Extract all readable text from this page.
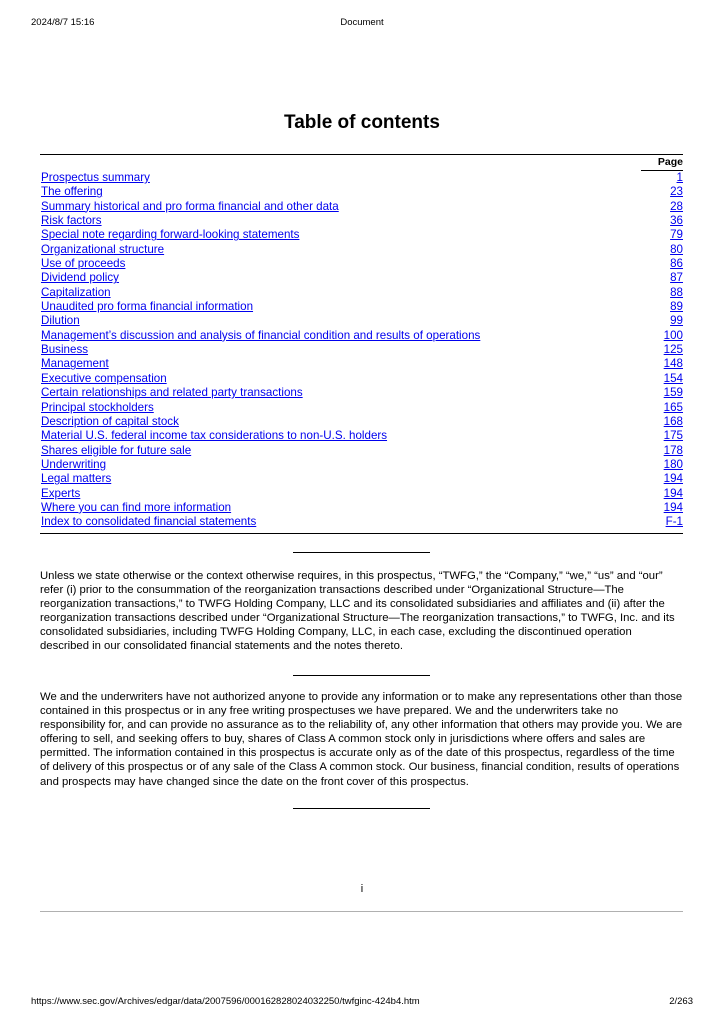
2024/8/7 15:16	Document
Table of contents
Page
Prospectus summary	1
The offering	23
Summary historical and pro forma financial and other data	28
Risk factors	36
Special note regarding forward-looking statements	79
Organizational structure	80
Use of proceeds	86
Dividend policy	87
Capitalization	88
Unaudited pro forma financial information	89
Dilution	99
Management’s discussion and analysis of financial condition and results of operations	100
Business	125
Management	148
Executive compensation	154
Certain relationships and related party transactions	159
Principal stockholders	165
Description of capital stock	168
Material U.S. federal income tax considerations to non-U.S. holders	175
Shares eligible for future sale	178
Underwriting	180
Legal matters	194
Experts	194
Where you can find more information	194
Index to consolidated financial statements	F-1

Unless we state otherwise or the context otherwise requires, in this prospectus, “TWFG,” the “Company,” “we,” “us” and “our” refer (i) prior to the consummation of the reorganization transactions described under “Organizational Structure—The reorganization transactions,” to TWFG Holding Company, LLC and its consolidated subsidiaries and affiliates and (ii) after the reorganization transactions described under “Organizational Structure—The reorganization transactions,” to TWFG, Inc. and its consolidated subsidiaries, including TWFG Holding Company, LLC, in each case, excluding the discontinued operation described in our consolidated financial statements and the notes thereto.

We and the underwriters have not authorized anyone to provide any information or to make any representations other than those contained in this prospectus or in any free writing prospectuses we have prepared. We and the underwriters take no responsibility for, and can provide no assurance as to the reliability of, any other information that others may provide you. We are offering to sell, and seeking offers to buy, shares of Class A common stock only in jurisdictions where offers and sales are permitted. The information contained in this prospectus is accurate only as of the date of this prospectus, regardless of the time of delivery of this prospectus or of any sale of the Class A common stock. Our business, financial condition, results of operations and prospects may have changed since the date on the front cover of this prospectus.

i
https://www.sec.gov/Archives/edgar/data/2007596/000162828024032250/twfginc-424b4.htm	2/263
